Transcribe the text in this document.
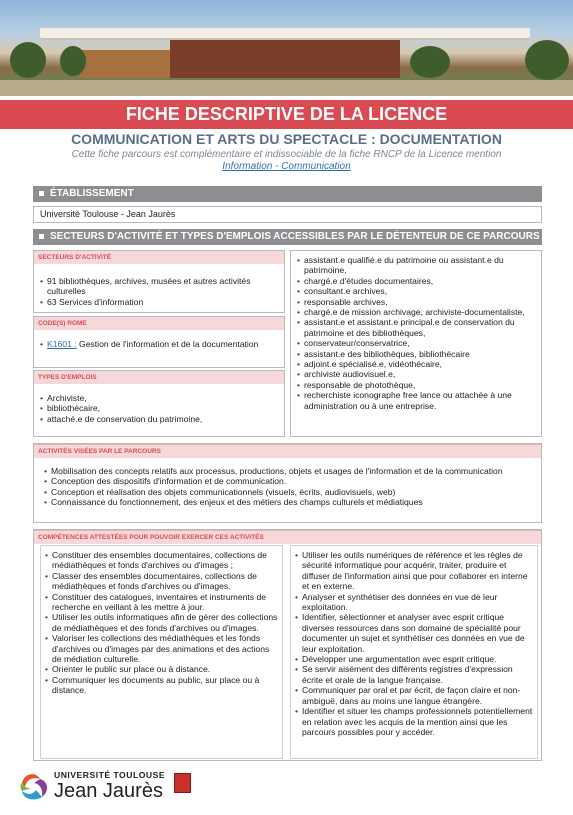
FICHE DESCRIPTIVE DE LA LICENCE
COMMUNICATION ET ARTS DU SPECTACLE : DOCUMENTATION
Cette fiche parcours est complémentaire et indissociable de la fiche RNCP de la Licence mention
Information - Communication
ÉTABLISSEMENT
Université Toulouse - Jean Jaurès
SECTEURS D'ACTIVITÉ ET TYPES D'EMPLOIS ACCESSIBLES PAR LE DÉTENTEUR DE CE PARCOURS
SECTEURS D'ACTIVITÉ
• 91 bibliothèques, archives, musées et autres activités culturelles
• 63 Services d'information
CODE(S) ROME
• K1601 : Gestion de l'information et de la documentation
TYPES D'EMPLOIS
• Archiviste,
• bibliothécaire,
• attaché.e de conservation du patrimoine,
• assistant.e qualifié.e du patrimoine ou assistant.e du patrimoine,
• chargé.e d'études documentaires,
• consultant.e archives,
• responsable archives,
• chargé.e de mission archivage, archiviste-documentaliste,
• assistant.e et assistant.e principal.e de conservation du patrimoine et des bibliothèques,
• conservateur/conservatrice,
• assistant.e des bibliothèques, bibliothécaire
• adjoint.e spécialisé.e, vidéothécaire,
• archiviste audiovisuel.e,
• responsable de photothèque,
• recherchiste iconographe free lance ou attachée à une administration ou à une entreprise.
ACTIVITÉS VISÉES PAR LE PARCOURS
• Mobilisation des concepts relatifs aux processus, productions, objets et usages de l'information et de la communication
• Conception des dispositifs d'information et de communication.
• Conception et réalisation des objets communicationnels (visuels, écrits, audiovisuels, web)
• Connaissance du fonctionnement, des enjeux et des métiers des champs culturels et médiatiques
COMPÉTENCES ATTESTÉES POUR POUVOIR EXERCER CES ACTIVITÉS
• Constituer des ensembles documentaires, collections de médiathèques et fonds d'archives ou d'images ;
• Classer des ensembles documentaires, collections de médiathèques et fonds d'archives ou d'images.
• Constituer des catalogues, inventaires et instruments de recherche en veillant à les mettre à jour.
• Utiliser les outils informatiques afin de gérer des collections de médiathèques et des fonds d'archives ou d'images.
• Valoriser les collections des médiathèques et les fonds d'archives ou d'images par des animations et des actions de médiation culturelle.
• Orienter le public sur place ou à distance.
• Communiquer les documents au public, sur place ou à distance.
• Utiliser les outils numériques de référence et les règles de sécurité informatique pour acquérir, traiter, produire et diffuser de l'information ainsi que pour collaborer en interne et en externe.
• Analyser et synthétiser des données en vue de leur exploitation.
• Identifier, sélectionner et analyser avec esprit critique diverses ressources dans son domaine de spécialité pour documenter un sujet et synthétiser ces données en vue de leur exploitation.
• Développer une argumentation avec esprit critique.
• Se servir aisément des différents registres d'expression écrite et orale de la langue française.
• Communiquer par oral et par écrit, de façon claire et non-ambiguë, dans au moins une langue étrangère.
• Identifier et situer les champs professionnels potentiellement en relation avec les acquis de la mention ainsi que les parcours possibles pour y accéder.
UNIVERSITÉ TOULOUSE
Jean Jaurès
